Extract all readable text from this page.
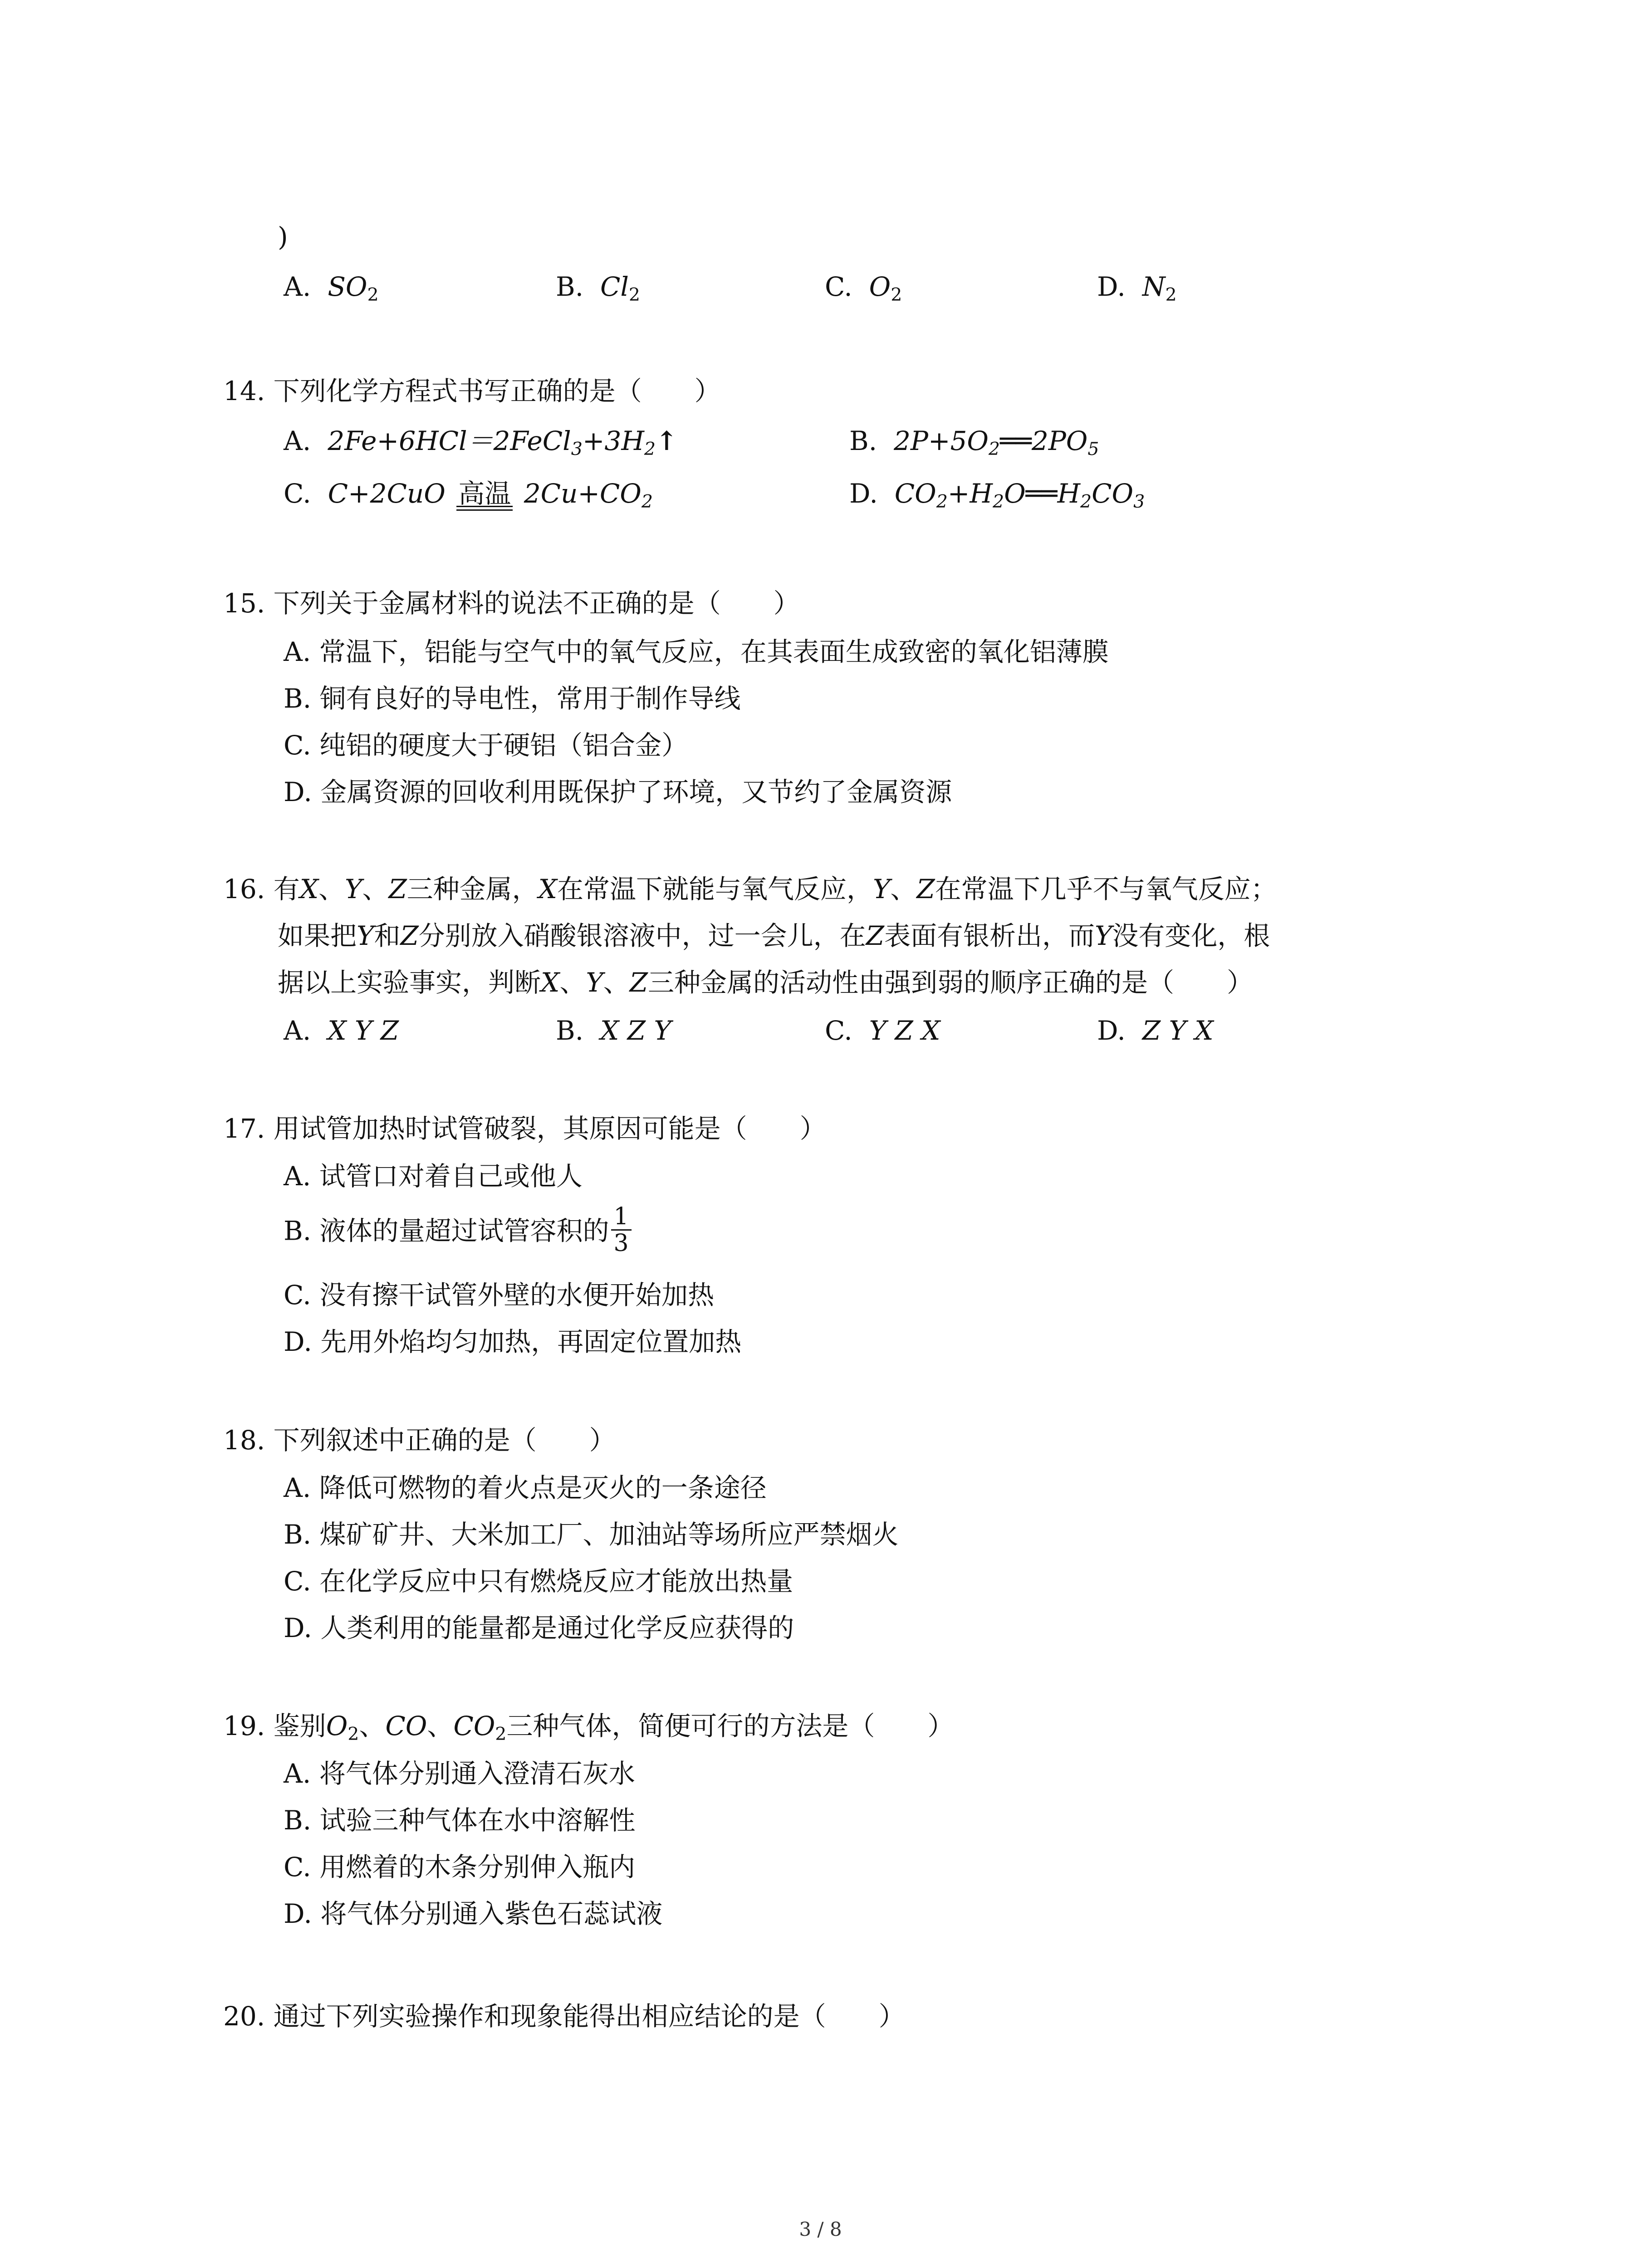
)
A. $SO_2$	B. $Cl_2$	C. $O_2$	D. $N_2$
14. 下列化学方程式书写正确的是（　　）
A. $2Fe+6HCl=2FeCl_3+3H_2↑$	B. $2P+5O_2══2PO_5$
C. C+2CuO 高温 $2Cu+CO_2$	D. $CO_2+H_2O══H_2CO_3$
15. 下列关于金属材料的说法不正确的是（　　）
A. 常温下，铝能与空气中的氧气反应，在其表面生成致密的氧化铝薄膜
B. 铜有良好的导电性，常用于制作导线
C. 纯铝的硬度大于硬铝（铝合金）
D. 金属资源的回收利用既保护了环境，又节约了金属资源
16. 有X、Y、Z三种金属，X在常温下就能与氧气反应，Y、Z在常温下几乎不与氧气反应；
如果把Y和Z分别放入硝酸银溶液中，过一会儿，在Z表面有银析出，而Y没有变化，根
据以上实验事实，判断X、Y、Z三种金属的活动性由强到弱的顺序正确的是（　　）
A. X Y Z	B. X Z Y	C. Y Z X	D. Z Y X
17. 用试管加热时试管破裂，其原因可能是（　　）
A. 试管口对着自己或他人
B. 液体的量超过试管容积的 $\frac{1}{3}$
C. 没有擦干试管外壁的水便开始加热
D. 先用外焰均匀加热，再固定位置加热
18. 下列叙述中正确的是（　　）
A. 降低可燃物的着火点是灭火的一条途径
B. 煤矿矿井、大米加工厂、加油站等场所应严禁烟火
C. 在化学反应中只有燃烧反应才能放出热量
D. 人类利用的能量都是通过化学反应获得的
19. 鉴别$O_2$、CO、$CO_2$三种气体，简便可行的方法是（　　）
A. 将气体分别通入澄清石灰水
B. 试验三种气体在水中溶解性
C. 用燃着的木条分别伸入瓶内
D. 将气体分别通入紫色石蕊试液
20. 通过下列实验操作和现象能得出相应结论的是（　　）
3 / 8
